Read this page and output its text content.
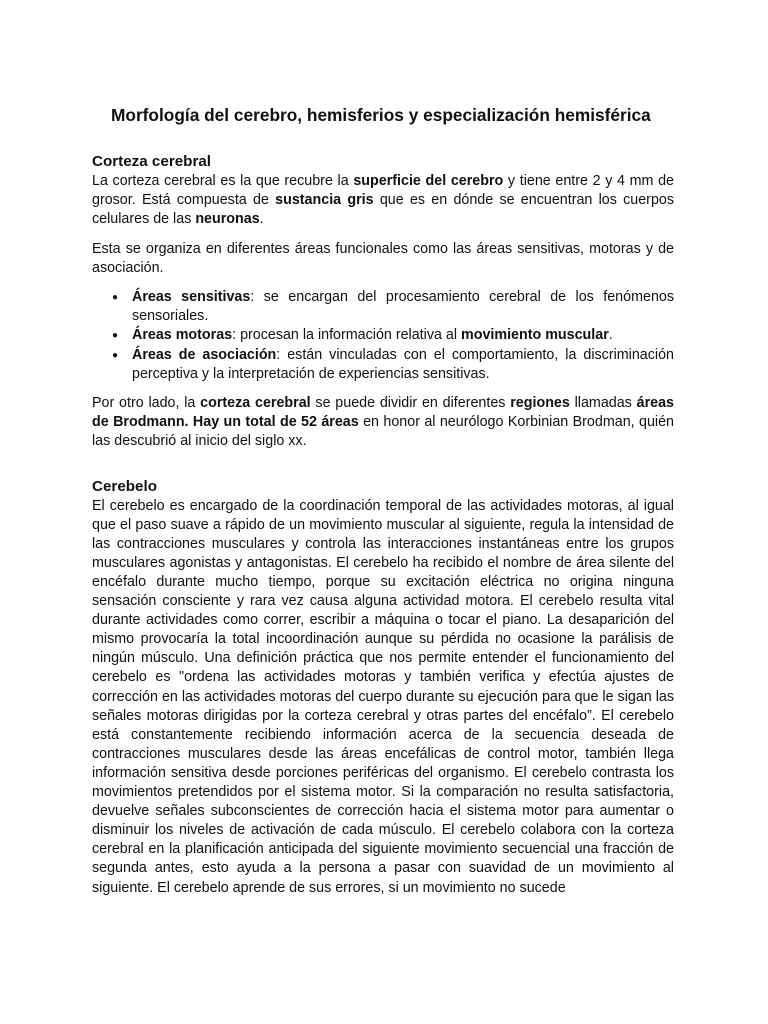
Morfología del cerebro, hemisferios y especialización hemisférica
Corteza cerebral

La corteza cerebral es la que recubre la superficie del cerebro y tiene entre 2 y 4 mm de grosor. Está compuesta de sustancia gris que es en dónde se encuentran los cuerpos celulares de las neuronas.

Esta se organiza en diferentes áreas funcionales como las áreas sensitivas, motoras y de asociación.

● Áreas sensitivas: se encargan del procesamiento cerebral de los fenómenos sensoriales.
● Áreas motoras: procesan la información relativa al movimiento muscular.
● Áreas de asociación: están vinculadas con el comportamiento, la discriminación perceptiva y la interpretación de experiencias sensitivas.

Por otro lado, la corteza cerebral se puede dividir en diferentes regiones llamadas áreas de Brodmann. Hay un total de 52 áreas en honor al neurólogo Korbinian Brodman, quién las descubrió al inicio del siglo xx.

Cerebelo

El cerebelo es encargado de la coordinación temporal de las actividades motoras, al igual que el paso suave a rápido de un movimiento muscular al siguiente, regula la intensidad de las contracciones musculares y controla las interacciones instantáneas entre los grupos musculares agonistas y antagonistas. El cerebelo ha recibido el nombre de área silente del encéfalo durante mucho tiempo, porque su excitación eléctrica no origina ninguna sensación consciente y rara vez causa alguna actividad motora. El cerebelo resulta vital durante actividades como correr, escribir a máquina o tocar el piano. La desaparición del mismo provocaría la total incoordinación aunque su pérdida no ocasione la parálisis de ningún músculo. Una definición práctica que nos permite entender el funcionamiento del cerebelo es "ordena las actividades motoras y también verifica y efectúa ajustes de corrección en las actividades motoras del cuerpo durante su ejecución para que le sigan las señales motoras dirigidas por la corteza cerebral y otras partes del encéfalo”. El cerebelo está constantemente recibiendo información acerca de la secuencia deseada de contracciones musculares desde las áreas encefálicas de control motor, también llega información sensitiva desde porciones periféricas del organismo. El cerebelo contrasta los movimientos pretendidos por el sistema motor. Si la comparación no resulta satisfactoria, devuelve señales subconscientes de corrección hacia el sistema motor para aumentar o disminuir los niveles de activación de cada músculo. El cerebelo colabora con la corteza cerebral en la planificación anticipada del siguiente movimiento secuencial una fracción de segunda antes, esto ayuda a la persona a pasar con suavidad de un movimiento al siguiente. El cerebelo aprende de sus errores, si un movimiento no sucede
